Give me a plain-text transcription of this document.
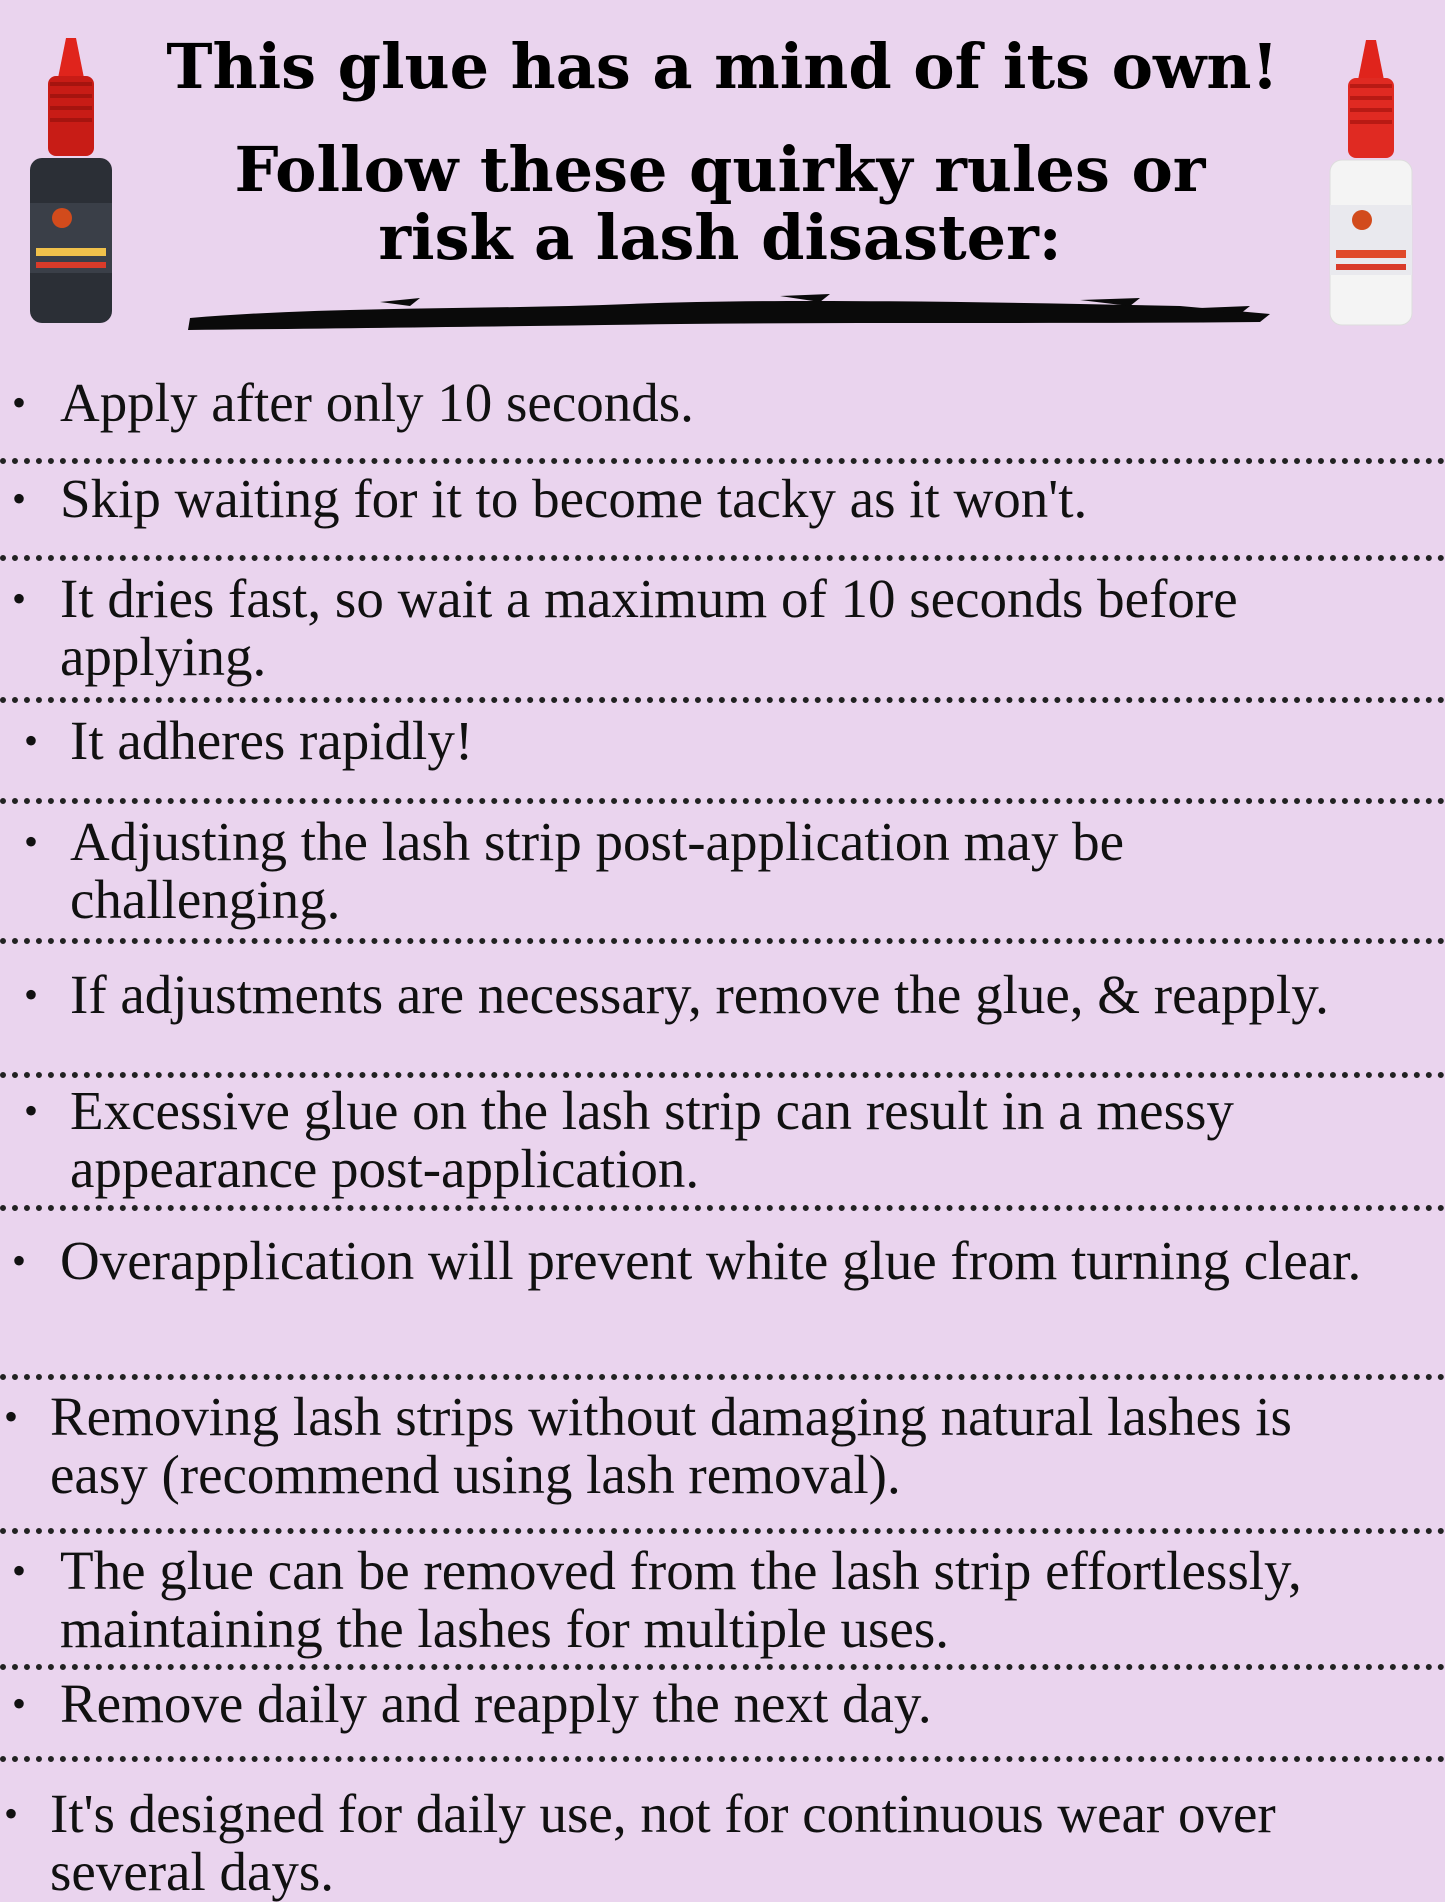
This glue has a mind of its own!
Follow these quirky rules or risk a lash disaster:
• Apply after only 10 seconds.
• Skip waiting for it to become tacky as it won't.
• It dries fast, so wait a maximum of 10 seconds before applying.
• It adheres rapidly!
• Adjusting the lash strip post-application may be challenging.
• If adjustments are necessary, remove the glue, & reapply.
• Excessive glue on the lash strip can result in a messy appearance post-application.
• Overapplication will prevent white glue from turning clear.
• Removing lash strips without damaging natural lashes is easy (recommend using lash removal).
• The glue can be removed from the lash strip effortlessly, maintaining the lashes for multiple uses.
• Remove daily and reapply the next day.
• It's designed for daily use, not for continuous wear over several days.
